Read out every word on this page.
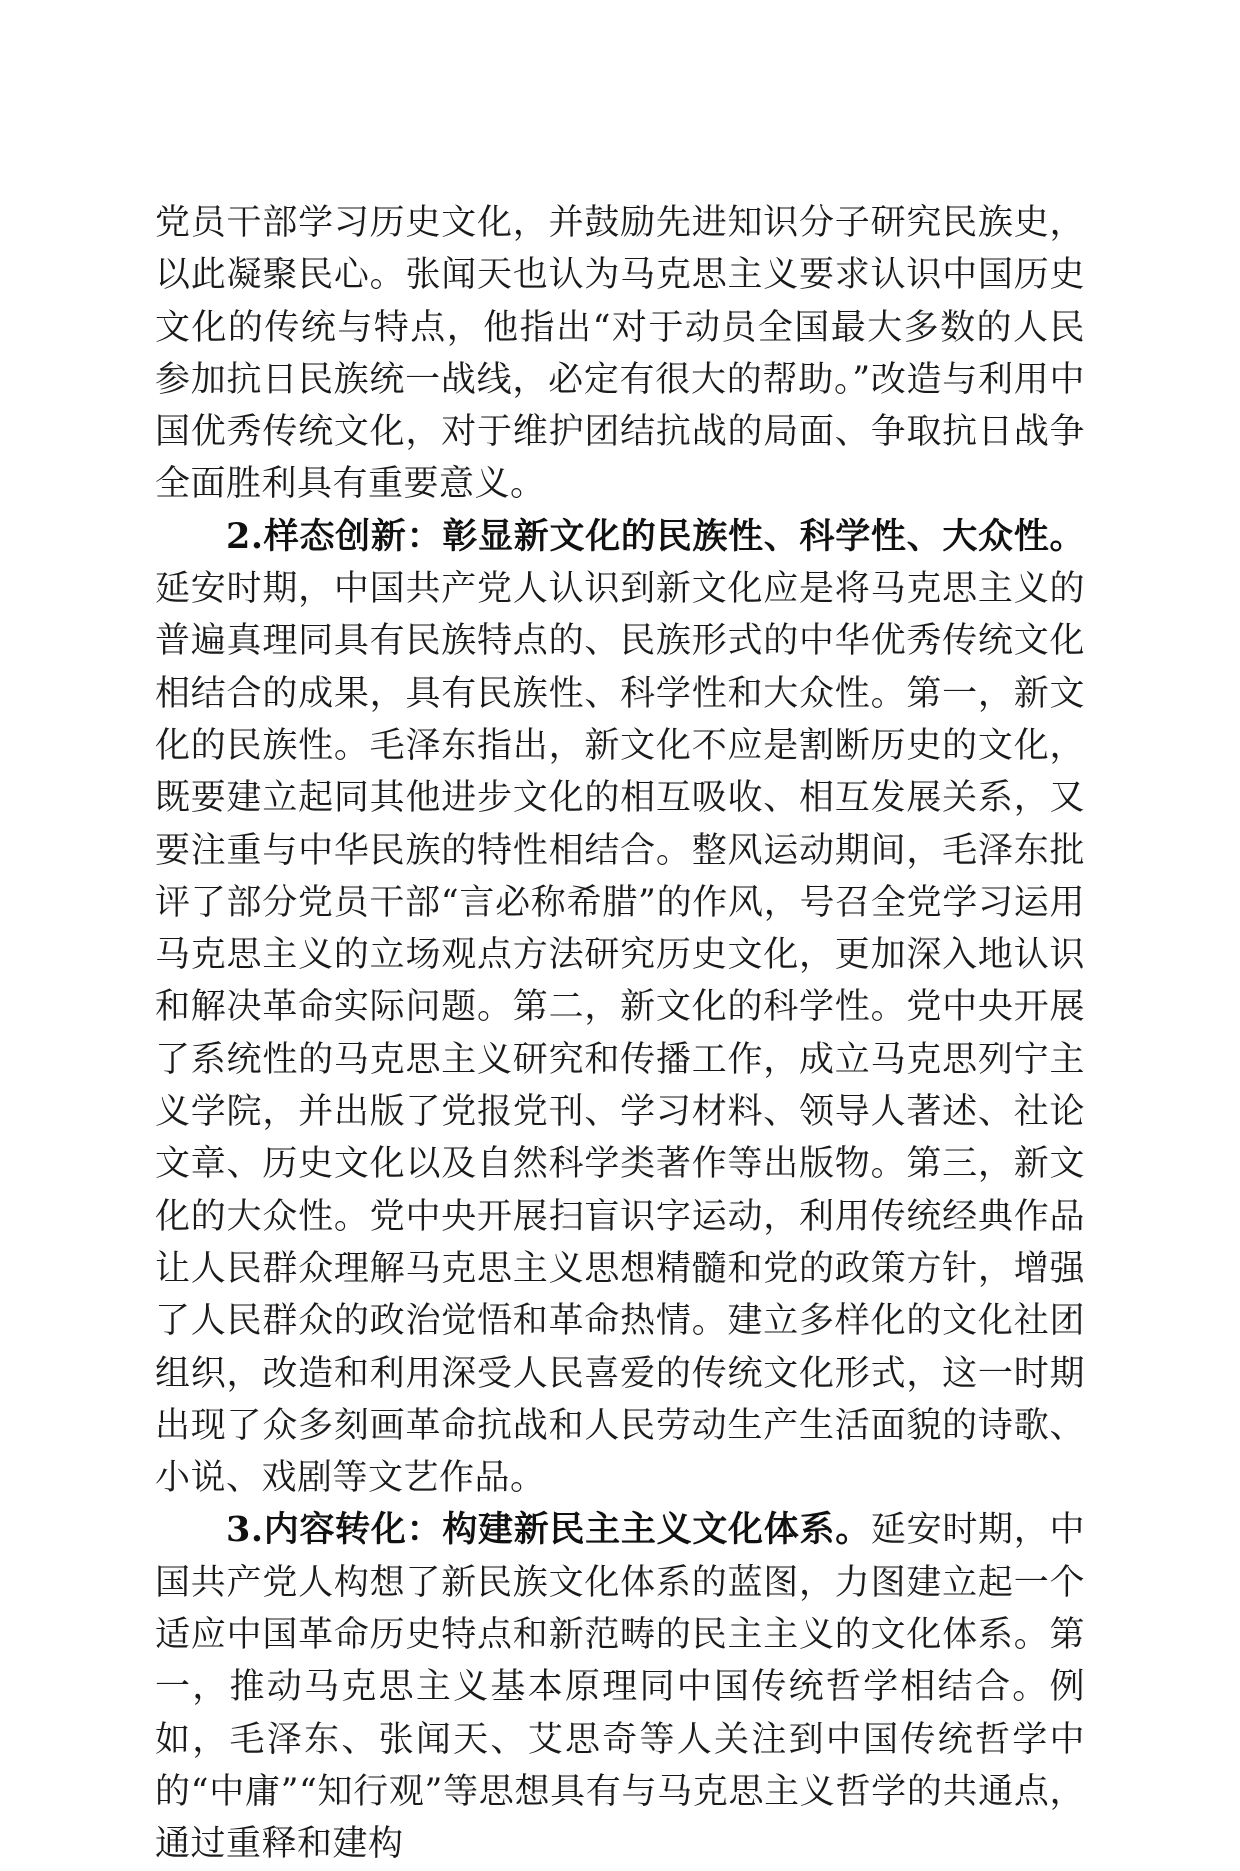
党员干部学习历史文化，并鼓励先进知识分子研究民族史，以此凝聚民心。张闻天也认为马克思主义要求认识中国历史文化的传统与特点，他指出“对于动员全国最大多数的人民参加抗日民族统一战线，必定有很大的帮助。”改造与利用中国优秀传统文化，对于维护团结抗战的局面、争取抗日战争全面胜利具有重要意义。

2.样态创新：彰显新文化的民族性、科学性、大众性。延安时期，中国共产党人认识到新文化应是将马克思主义的普遍真理同具有民族特点的、民族形式的中华优秀传统文化相结合的成果，具有民族性、科学性和大众性。第一，新文化的民族性。毛泽东指出，新文化不应是割断历史的文化，既要建立起同其他进步文化的相互吸收、相互发展关系，又要注重与中华民族的特性相结合。整风运动期间，毛泽东批评了部分党员干部“言必称希腊”的作风，号召全党学习运用马克思主义的立场观点方法研究历史文化，更加深入地认识和解决革命实际问题。第二，新文化的科学性。党中央开展了系统性的马克思主义研究和传播工作，成立马克思列宁主义学院，并出版了党报党刊、学习材料、领导人著述、社论文章、历史文化以及自然科学类著作等出版物。第三，新文化的大众性。党中央开展扫盲识字运动，利用传统经典作品让人民群众理解马克思主义思想精髓和党的政策方针，增强了人民群众的政治觉悟和革命热情。建立多样化的文化社团组织，改造和利用深受人民喜爱的传统文化形式，这一时期出现了众多刻画革命抗战和人民劳动生产生活面貌的诗歌、小说、戏剧等文艺作品。

3.内容转化：构建新民主主义文化体系。延安时期，中国共产党人构想了新民族文化体系的蓝图，力图建立起一个适应中国革命历史特点和新范畴的民主主义的文化体系。第一，推动马克思主义基本原理同中国传统哲学相结合。例如，毛泽东、张闻天、艾思奇等人关注到中国传统哲学中的“中庸”“知行观”等思想具有与马克思主义哲学的共通点，通过重释和建构
